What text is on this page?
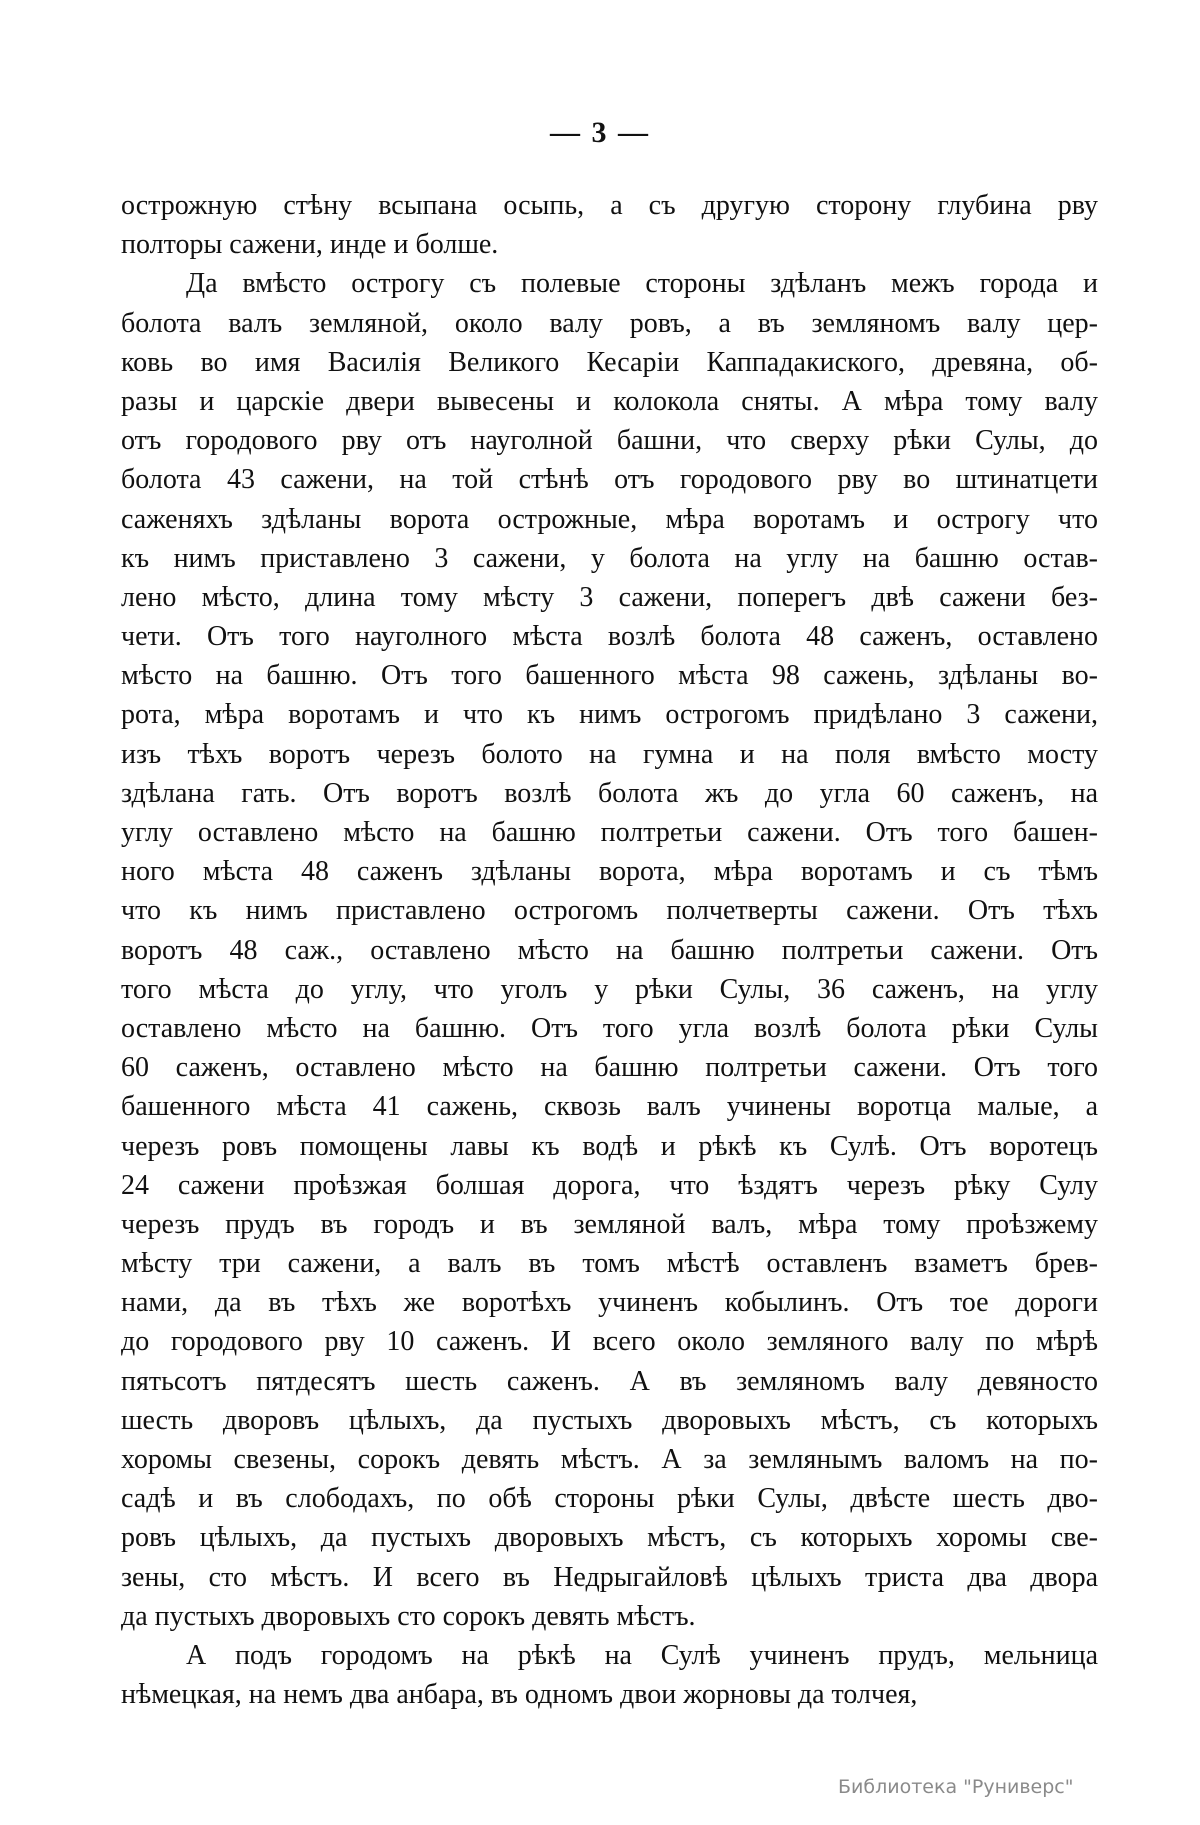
— 3 —
острожную стѣну всыпана осыпь, а съ другую сторону глубина рву
полторы сажени, инде и болше.
Да вмѣсто острогу съ полевые стороны здѣланъ межъ города и
болота валъ земляной, около валу ровъ, а въ земляномъ валу цер-
ковь во имя Василія Великого Кесаріи Каппадакиского, древяна, об-
разы и царскіе двери вывесены и колокола сняты. А мѣра тому валу
отъ городового рву отъ науголной башни, что сверху рѣки Сулы, до
болота 43 сажени, на той стѣнѣ отъ городового рву во штинатцети
саженяхъ здѣланы ворота острожные, мѣра воротамъ и острогу что
къ нимъ приставлено 3 сажени, у болота на углу на башню остав-
лено мѣсто, длина тому мѣсту 3 сажени, поперегъ двѣ сажени без-
чети. Отъ того науголного мѣста возлѣ болота 48 саженъ, оставлено
мѣсто на башню. Отъ того башенного мѣста 98 сажень, здѣланы во-
рота, мѣра воротамъ и что къ нимъ острогомъ придѣлано 3 сажени,
изъ тѣхъ воротъ черезъ болото на гумна и на поля вмѣсто мосту
здѣлана гать. Отъ воротъ возлѣ болота жъ до угла 60 саженъ, на
углу оставлено мѣсто на башню полтретьи сажени. Отъ того башен-
ного мѣста 48 саженъ здѣланы ворота, мѣра воротамъ и съ тѣмъ
что къ нимъ приставлено острогомъ полчетверты сажени. Отъ тѣхъ
воротъ 48 саж., оставлено мѣсто на башню полтретьи сажени. Отъ
того мѣста до углу, что уголъ у рѣки Сулы, 36 саженъ, на углу
оставлено мѣсто на башню. Отъ того угла возлѣ болота рѣки Сулы
60 саженъ, оставлено мѣсто на башню полтретьи сажени. Отъ того
башенного мѣста 41 сажень, сквозь валъ учинены воротца малые, а
черезъ ровъ помощены лавы къ водѣ и рѣкѣ къ Сулѣ. Отъ воротецъ
24 сажени проѣзжая болшая дорога, что ѣздятъ черезъ рѣку Сулу
черезъ прудъ въ городъ и въ земляной валъ, мѣра тому проѣзжему
мѣсту три сажени, а валъ въ томъ мѣстѣ оставленъ взаметъ брев-
нами, да въ тѣхъ же воротѣхъ учиненъ кобылинъ. Отъ тое дороги
до городового рву 10 саженъ. И всего около земляного валу по мѣрѣ
пятьсотъ пятдесятъ шесть саженъ. А въ земляномъ валу девяносто
шесть дворовъ цѣлыхъ, да пустыхъ дворовыхъ мѣстъ, съ которыхъ
хоромы свезены, сорокъ девять мѣстъ. А за землянымъ валомъ на по-
садѣ и въ слободахъ, по обѣ стороны рѣки Сулы, двѣсте шесть дво-
ровъ цѣлыхъ, да пустыхъ дворовыхъ мѣстъ, съ которыхъ хоромы све-
зены, сто мѣстъ. И всего въ Недрыгайловѣ цѣлыхъ триста два двора
да пустыхъ дворовыхъ сто сорокъ девять мѣстъ.
А подъ городомъ на рѣкѣ на Сулѣ учиненъ прудъ, мельница
нѣмецкая, на немъ два анбара, въ одномъ двои жорновы да толчея,
Библиотека "Руниверс"
